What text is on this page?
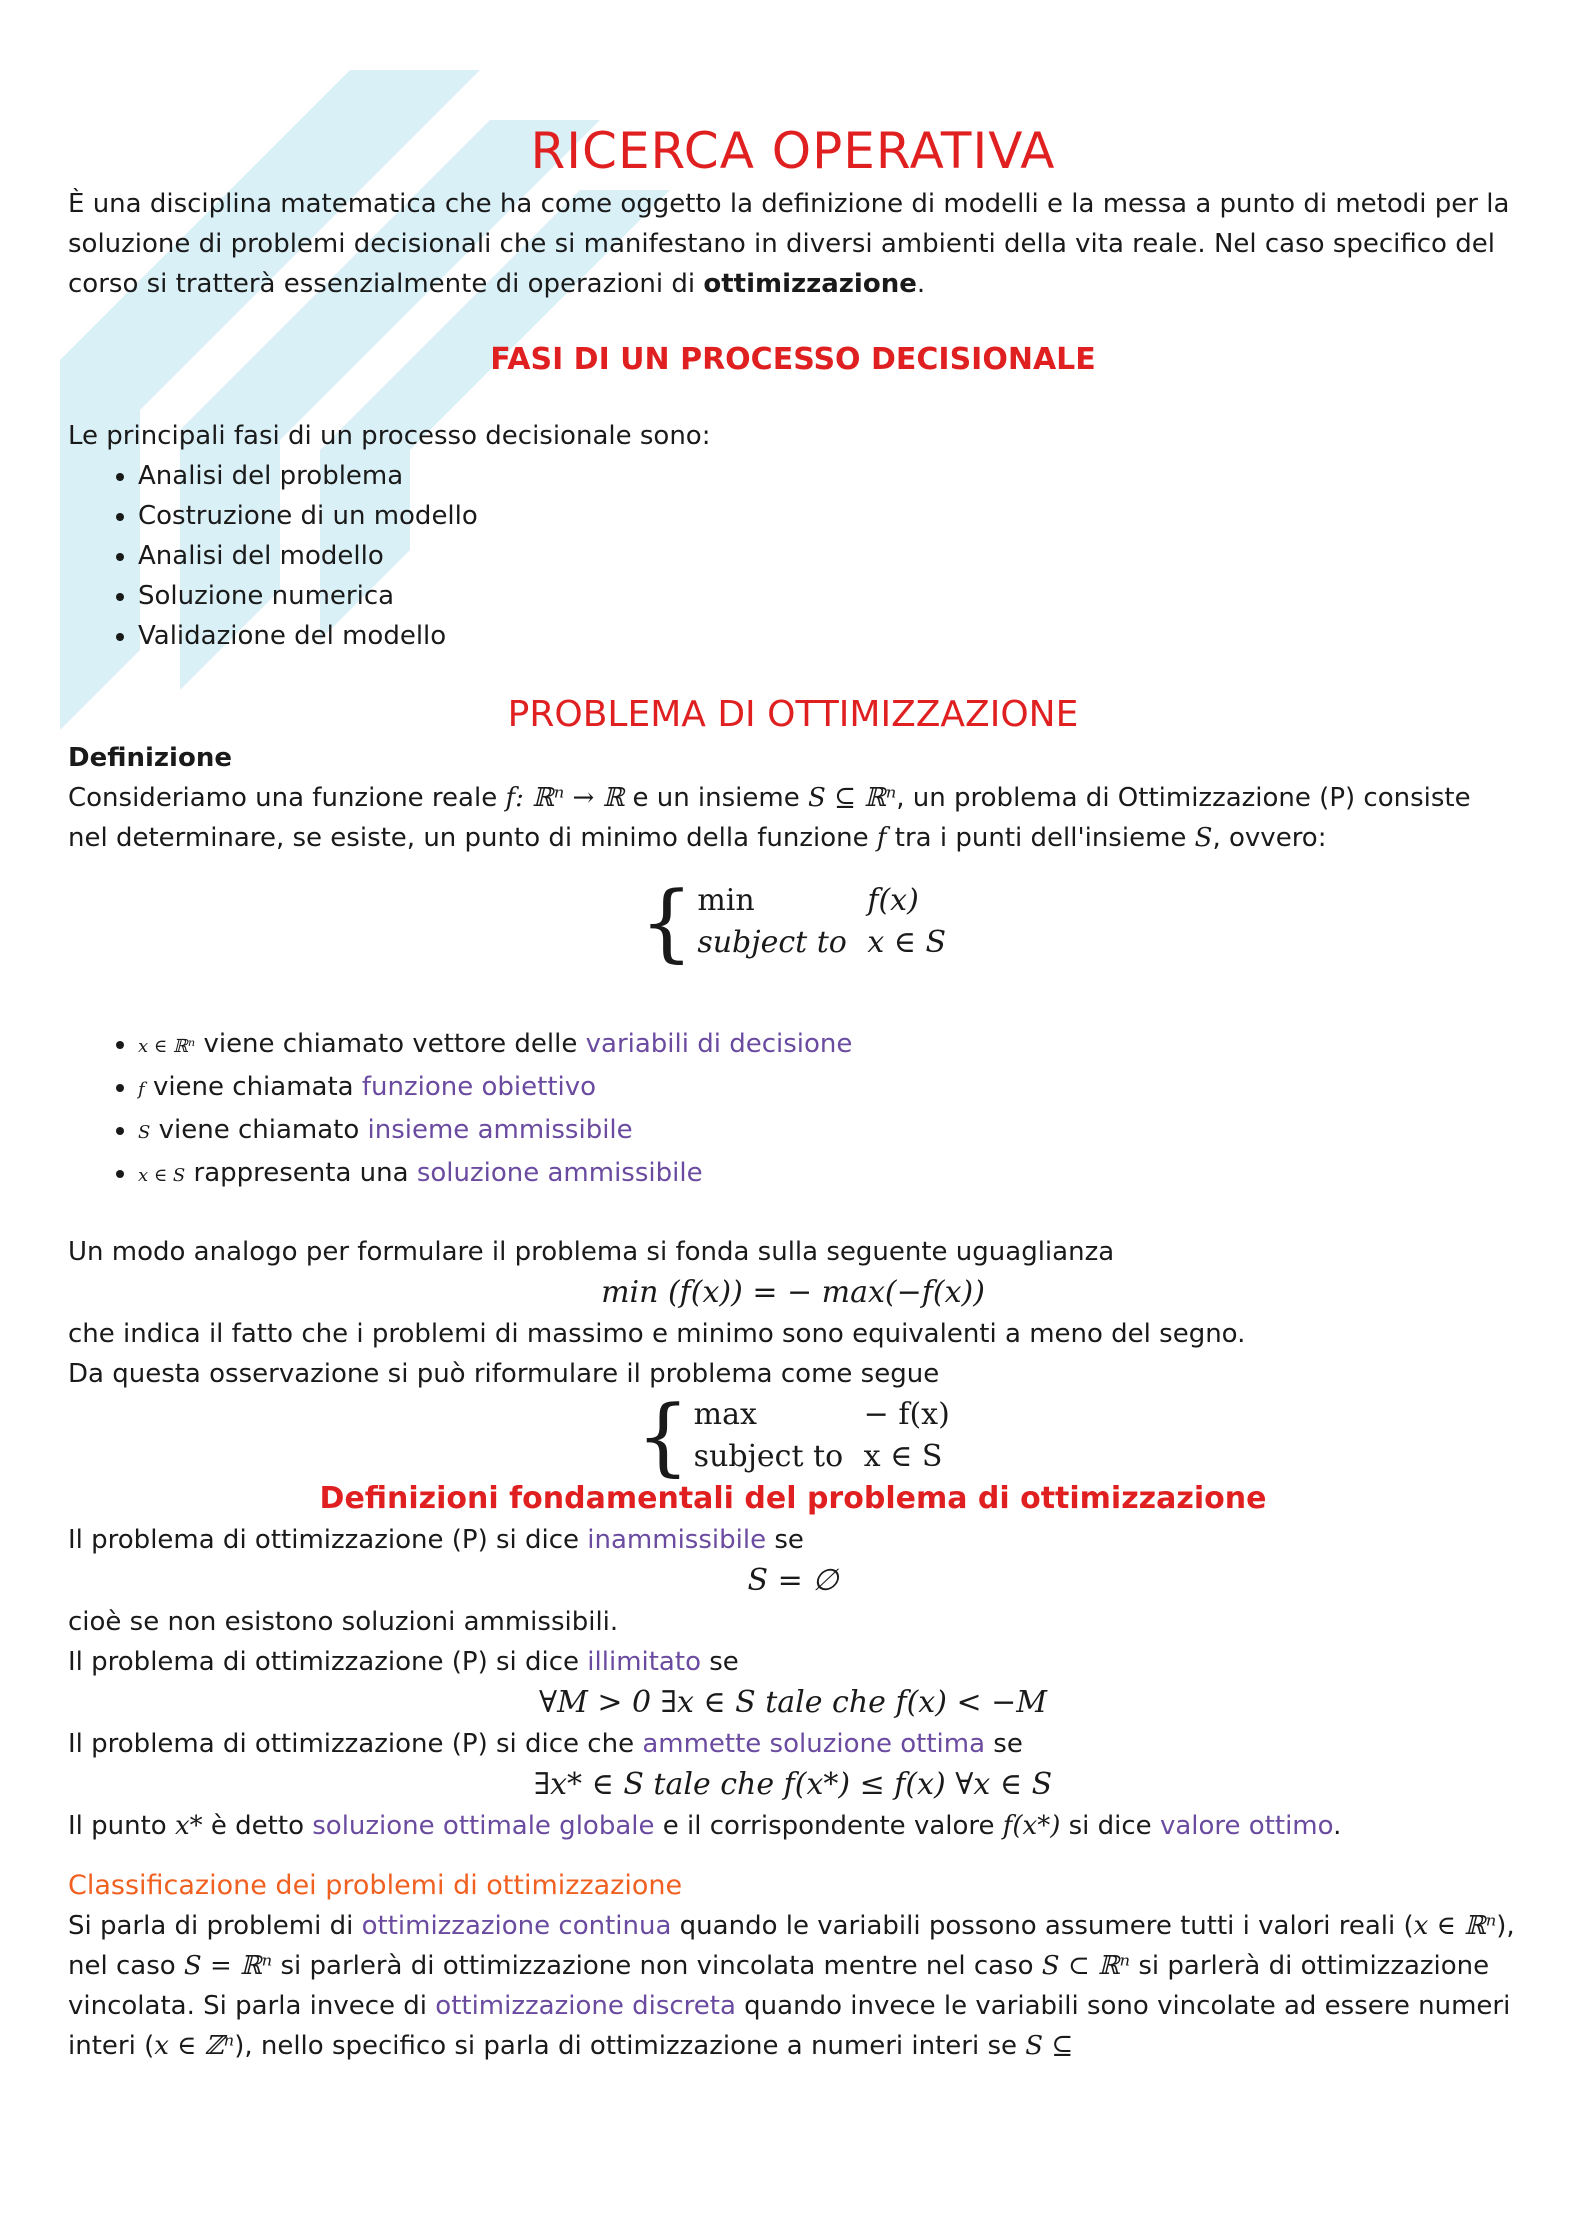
RICERCA OPERATIVA

È una disciplina matematica che ha come oggetto la definizione di modelli e la messa a punto di metodi per la soluzione di problemi decisionali che si manifestano in diversi ambienti della vita reale. Nel caso specifico del corso si tratterà essenzialmente di operazioni di ottimizzazione.

FASI DI UN PROCESSO DECISIONALE

Le principali fasi di un processo decisionale sono:

• Analisi del problema
• Costruzione di un modello
• Analisi del modello
• Soluzione numerica
• Validazione del modello
PROBLEMA DI OTTIMIZZAZIONE

Definizione

Consideriamo una funzione reale f: ℝⁿ → ℝ e un insieme S ⊆ ℝⁿ, un problema di Ottimizzazione (P) consiste nel determinare, se esiste, un punto di minimo della funzione f tra i punti dell'insieme S, ovvero:

{ min	f(x)
subject to x ∈ S
• x ∈ ℝⁿ viene chiamato vettore delle variabili di decisione
• f viene chiamata funzione obiettivo
• S viene chiamato insieme ammissibile
• x ∈ S rappresenta una soluzione ammissibile

Un modo analogo per formulare il problema si fonda sulla seguente uguaglianza

min (f(x)) = − max(−f(x))

che indica il fatto che i problemi di massimo e minimo sono equivalenti a meno del segno.

Da questa osservazione si può riformulare il problema come segue

{ max	− f(x)
subject to x ∈ S
Definizioni fondamentali del problema di ottimizzazione

Il problema di ottimizzazione (P) si dice inammissibile se

S = ∅

cioè se non esistono soluzioni ammissibili.

Il problema di ottimizzazione (P) si dice illimitato se

∀M > 0 ∃x ∈ S tale che f(x) < −M

Il problema di ottimizzazione (P) si dice che ammette soluzione ottima se

∃x* ∈ S tale che f(x*) ≤ f(x) ∀x ∈ S

Il punto x* è detto soluzione ottimale globale e il corrispondente valore f(x*) si dice valore ottimo.

Classificazione dei problemi di ottimizzazione

Si parla di problemi di ottimizzazione continua quando le variabili possono assumere tutti i valori reali (x ∈ ℝⁿ), nel caso S = ℝⁿ si parlerà di ottimizzazione non vincolata mentre nel caso S ⊂ ℝⁿ si parlerà di ottimizzazione vincolata. Si parla invece di ottimizzazione discreta quando invece le variabili sono vincolate ad essere numeri interi (x ∈ ℤⁿ), nello specifico si parla di ottimizzazione a numeri interi se S ⊆
